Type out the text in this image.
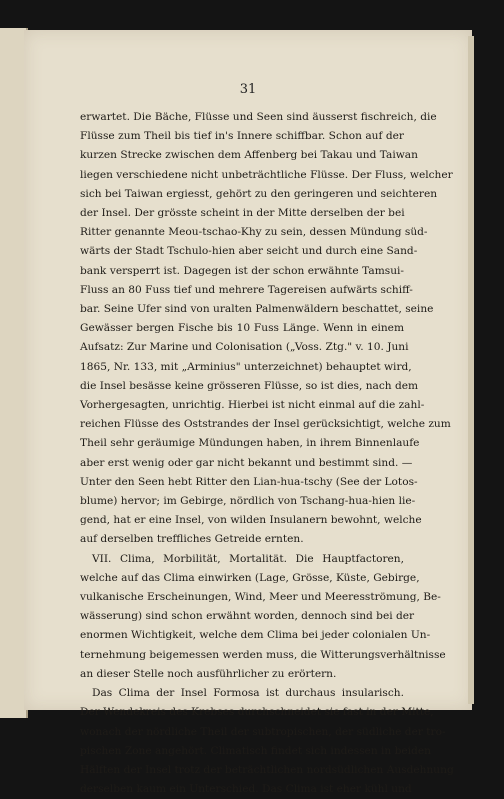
31
erwartet. Die Bäche, Flüsse und Seen sind äusserst fischreich, die
Flüsse zum Theil bis tief in's Innere schiffbar. Schon auf der
kurzen Strecke zwischen dem Affenberg bei Takau und Taiwan
liegen verschiedene nicht unbeträchtliche Flüsse. Der Fluss, welcher
sich bei Taiwan ergiesst, gehört zu den geringeren und seichteren
der Insel. Der grösste scheint in der Mitte derselben der bei
Ritter genannte Meou-tschao-Khy zu sein, dessen Mündung süd-
wärts der Stadt Tschulo-hien aber seicht und durch eine Sand-
bank versperrt ist. Dagegen ist der schon erwähnte Tamsui-
Fluss an 80 Fuss tief und mehrere Tagereisen aufwärts schiff-
bar. Seine Ufer sind von uralten Palmenwäldern beschattet, seine
Gewässer bergen Fische bis 10 Fuss Länge. Wenn in einem
Aufsatz: Zur Marine und Colonisation („Voss. Ztg." v. 10. Juni
1865, Nr. 133, mit „Arminius" unterzeichnet) behauptet wird,
die Insel besässe keine grösseren Flüsse, so ist dies, nach dem
Vorhergesagten, unrichtig. Hierbei ist nicht einmal auf die zahl-
reichen Flüsse des Oststrandes der Insel gerücksichtigt, welche zum
Theil sehr geräumige Mündungen haben, in ihrem Binnenlaufe
aber erst wenig oder gar nicht bekannt und bestimmt sind. —
Unter den Seen hebt Ritter den Lian-hua-tschy (See der Lotos-
blume) hervor; im Gebirge, nördlich von Tschang-hua-hien lie-
gend, hat er eine Insel, von wilden Insulanern bewohnt, welche
auf derselben treffliches Getreide ernten.
VII. Clima, Morbilität, Mortalität. Die Hauptfactoren,
welche auf das Clima einwirken (Lage, Grösse, Küste, Gebirge,
vulkanische Erscheinungen, Wind, Meer und Meeresströmung, Be-
wässerung) sind schon erwähnt worden, dennoch sind bei der
enormen Wichtigkeit, welche dem Clima bei jeder colonialen Un-
ternehmung beigemessen werden muss, die Witterungsverhältnisse
an dieser Stelle noch ausführlicher zu erörtern.
Das Clima der Insel Formosa ist durchaus insularisch.
Der Wendekreis des Krebses durchschneidet sie fast in der Mitte,
wonach der nördliche Theil der subtropischen, der südliche der tro-
pischen Zone angehört. Climatisch findet sich indessen in beiden
Hälften der Insel trotz der beträchtlichen nordsüdlichen Ausdehnung
derselben kaum ein Unterschied. Das Clima ist eher kühl und
